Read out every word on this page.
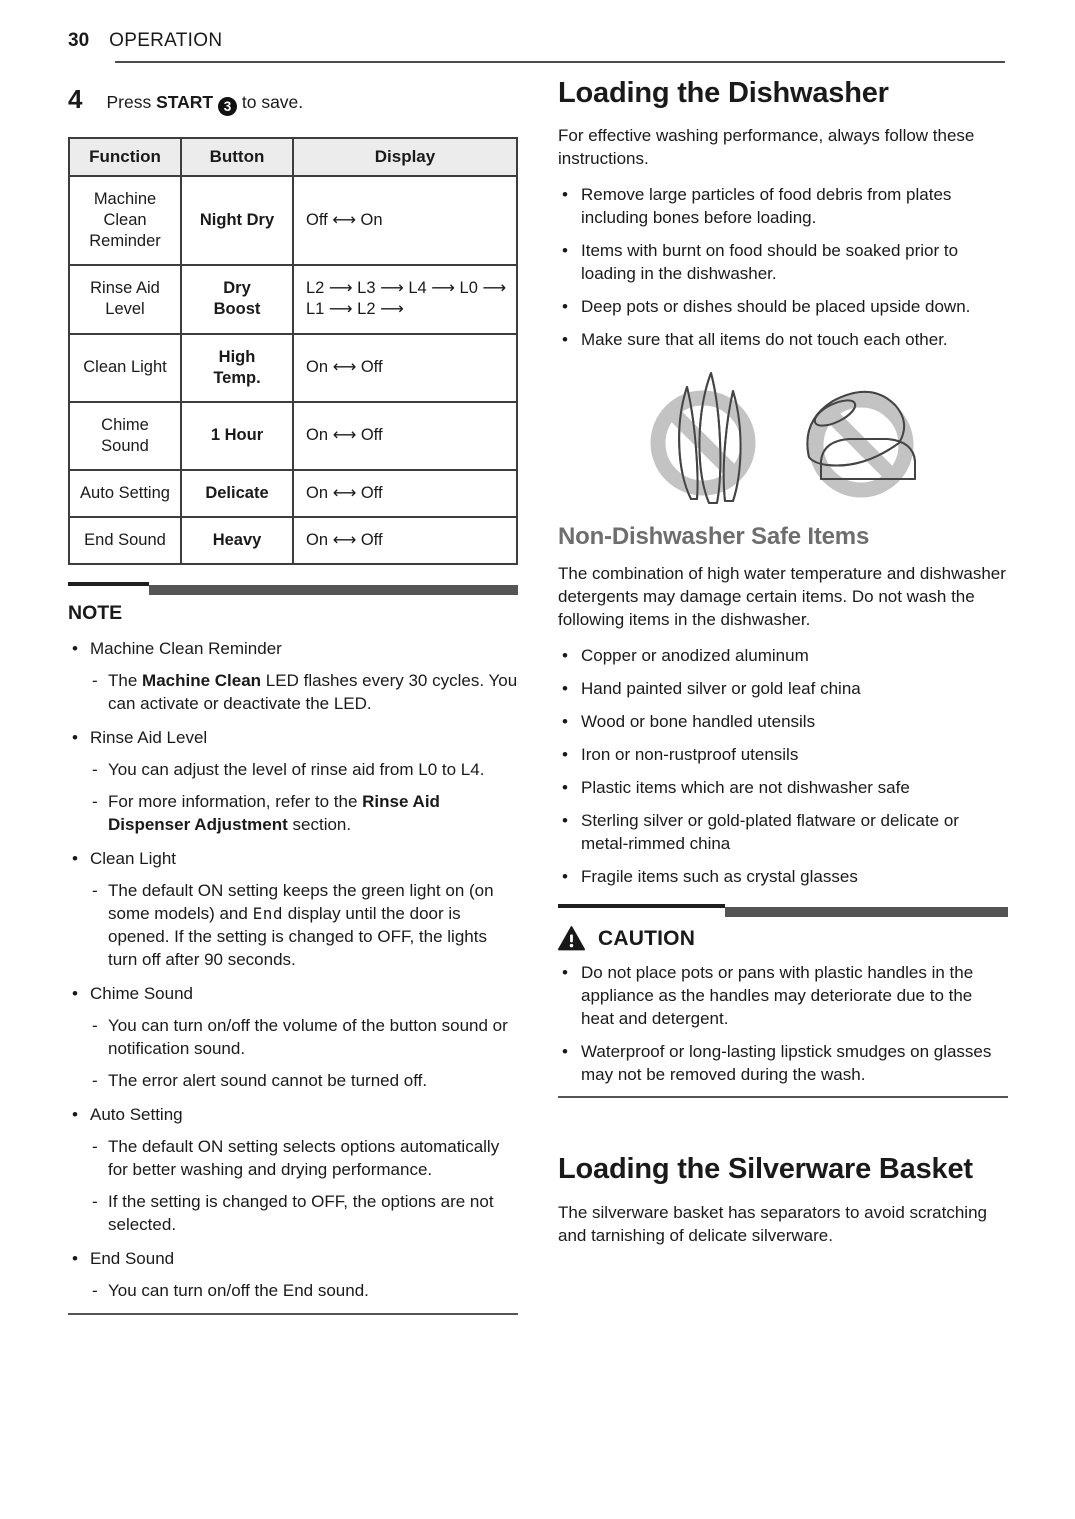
30 OPERATION
4 Press START 3 to save.
Function	Button	Display
Machine Clean Reminder	Night Dry	Off ⟷ On
Rinse Aid Level	Dry Boost	L2 ⟶ L3 ⟶ L4 ⟶ L0 ⟶ L1 ⟶ L2 ⟶
Clean Light	High Temp.	On ⟷ Off
Chime Sound	1 Hour	On ⟷ Off
Auto Setting	Delicate	On ⟷ Off
End Sound	Heavy	On ⟷ Off
NOTE
• Machine Clean Reminder
- The Machine Clean LED flashes every 30 cycles. You can activate or deactivate the LED.
• Rinse Aid Level
- You can adjust the level of rinse aid from L0 to L4.
- For more information, refer to the Rinse Aid Dispenser Adjustment section.
• Clean Light
- The default ON setting keeps the green light on (on some models) and End display until the door is opened. If the setting is changed to OFF, the lights turn off after 90 seconds.
• Chime Sound
- You can turn on/off the volume of the button sound or notification sound.
- The error alert sound cannot be turned off.
• Auto Setting
- The default ON setting selects options automatically for better washing and drying performance.
- If the setting is changed to OFF, the options are not selected.
• End Sound
- You can turn on/off the End sound.
Loading the Dishwasher

For effective washing performance, always follow these instructions.

• Remove large particles of food debris from plates including bones before loading.
• Items with burnt on food should be soaked prior to loading in the dishwasher.
• Deep pots or dishes should be placed upside down.
• Make sure that all items do not touch each other.
Non-Dishwasher Safe Items

The combination of high water temperature and dishwasher detergents may damage certain items. Do not wash the following items in the dishwasher.

• Copper or anodized aluminum
• Hand painted silver or gold leaf china
• Wood or bone handled utensils
• Iron or non-rustproof utensils
• Plastic items which are not dishwasher safe
• Sterling silver or gold-plated flatware or delicate or metal-rimmed china
• Fragile items such as crystal glasses
CAUTION
• Do not place pots or pans with plastic handles in the appliance as the handles may deteriorate due to the heat and detergent.
• Waterproof or long-lasting lipstick smudges on glasses may not be removed during the wash.
Loading the Silverware Basket

The silverware basket has separators to avoid scratching and tarnishing of delicate silverware.
